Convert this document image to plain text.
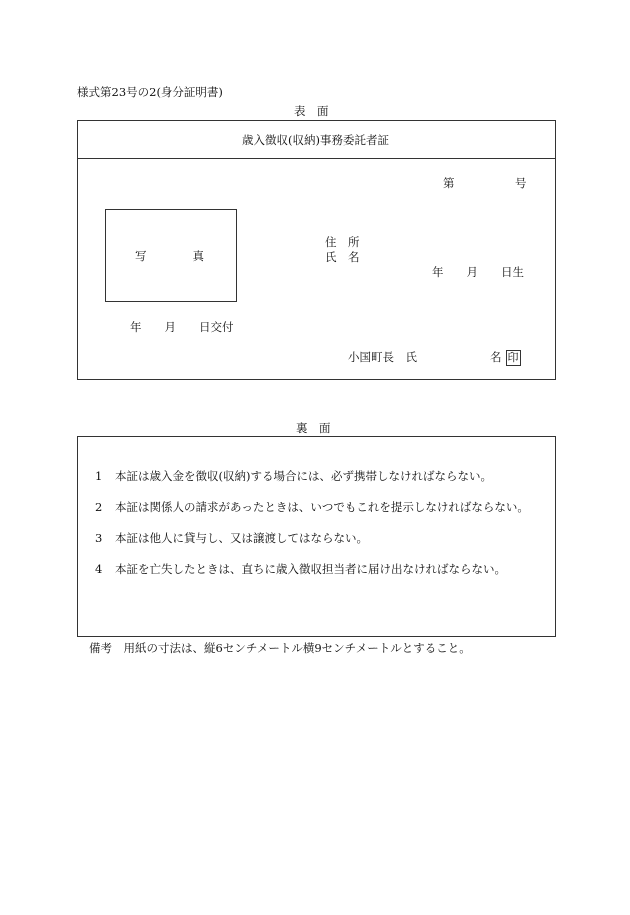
様式第23号の2(身分証明書)
表　面
歳入徴収(収納)事務委託者証
第	号
写　　　　真
住　所
氏　名
年　　月　　日生
年　　月　　日交付
小国町長　氏	名 印
裏　面
1 本証は歳入金を徴収(収納)する場合には、必ず携帯しなければならない。
2 本証は関係人の請求があったときは、いつでもこれを提示しなければならない。
3 本証は他人に貸与し、又は譲渡してはならない。
4 本証を亡失したときは、直ちに歳入徴収担当者に届け出なければならない。
備考　用紙の寸法は、縦6センチメートル横9センチメートルとすること。
